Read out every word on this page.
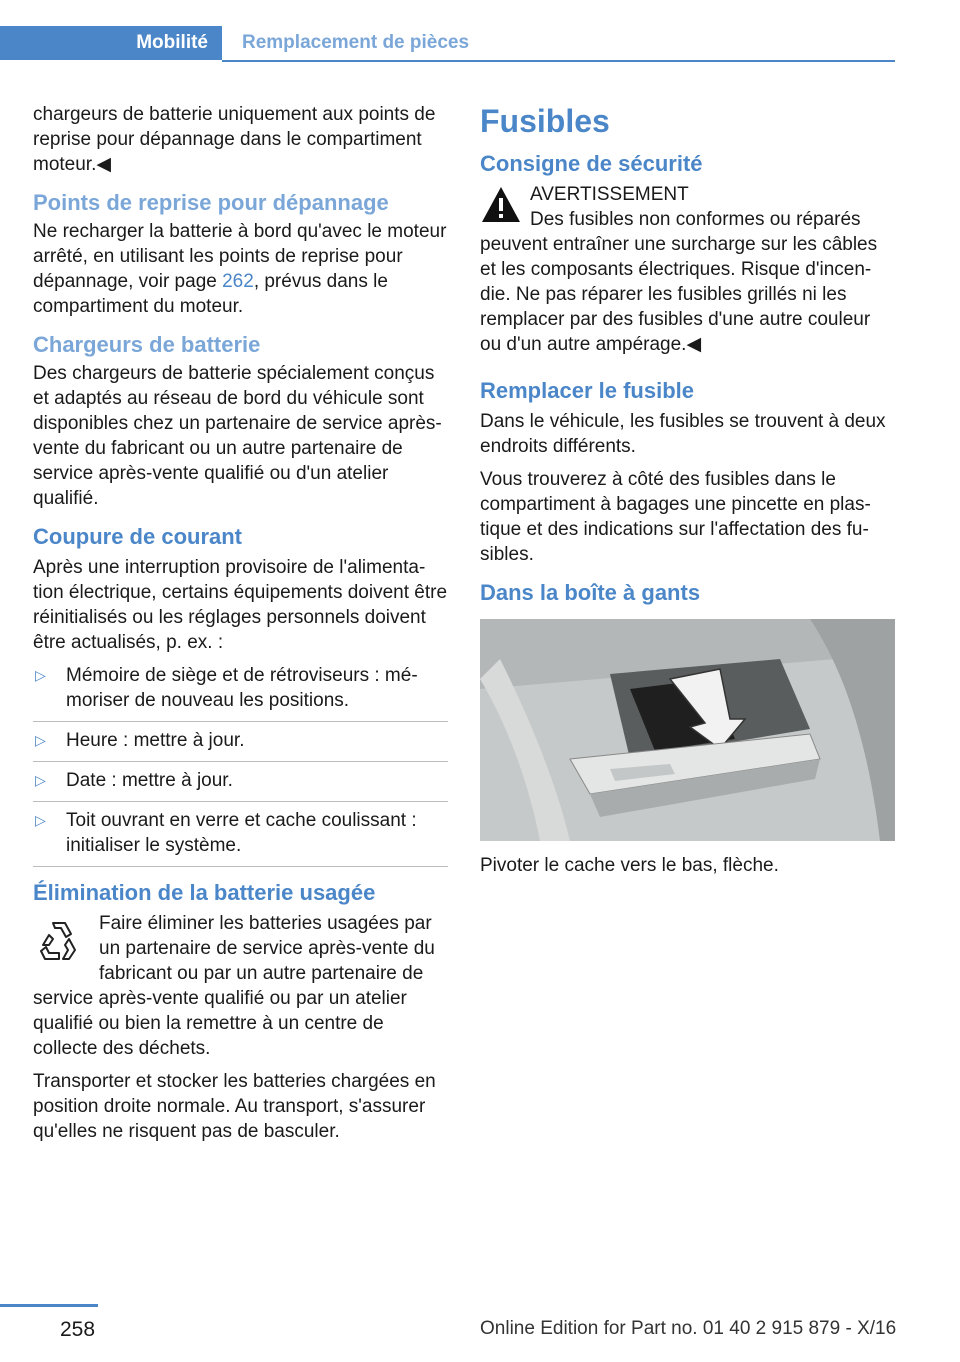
Mobilité	Remplacement de pièces

chargeurs de batterie uniquement aux points de reprise pour dépannage dans le compartiment moteur.◀

Points de reprise pour dépannage

Ne recharger la batterie à bord qu'avec le moteur arrêté, en utilisant les points de reprise pour dépannage, voir page 262, prévus dans le compartiment du moteur.

Chargeurs de batterie

Des chargeurs de batterie spécialement conçus et adaptés au réseau de bord du véhicule sont disponibles chez un partenaire de service après-vente du fabricant ou un autre partenaire de service après-vente qualifié ou d'un atelier qualifié.

Coupure de courant

Après une interruption provisoire de l'alimentation électrique, certains équipements doivent être réinitialisés ou les réglages personnels doivent être actualisés, p. ex. :

▷ Mémoire de siège et de rétroviseurs : mémoriser de nouveau les positions.
▷ Heure : mettre à jour.
▷ Date : mettre à jour.
▷ Toit ouvrant en verre et cache coulissant : initialiser le système.
Élimination de la batterie usagée

Faire éliminer les batteries usagées par un partenaire de service après-vente du fabricant ou par un autre partenaire de service après-vente qualifié ou par un atelier qualifié ou bien la remettre à un centre de collecte des déchets.

Transporter et stocker les batteries chargées en position droite normale. Au transport, s'assurer qu'elles ne risquent pas de basculer.

Fusibles
Consigne de sécurité
AVERTISSEMENT

Des fusibles non conformes ou réparés peuvent entraîner une surcharge sur les câbles et les composants électriques. Risque d'incendie. Ne pas réparer les fusibles grillés ni les remplacer par des fusibles d'une autre couleur ou d'un autre ampérage.◀

Remplacer le fusible

Dans le véhicule, les fusibles se trouvent à deux endroits différents.

Vous trouverez à côté des fusibles dans le compartiment à bagages une pincette en plastique et des indications sur l'affectation des fusibles.

Dans la boîte à gants

Pivoter le cache vers le bas, flèche.

258	Online Edition for Part no. 01 40 2 915 879 - X/16
